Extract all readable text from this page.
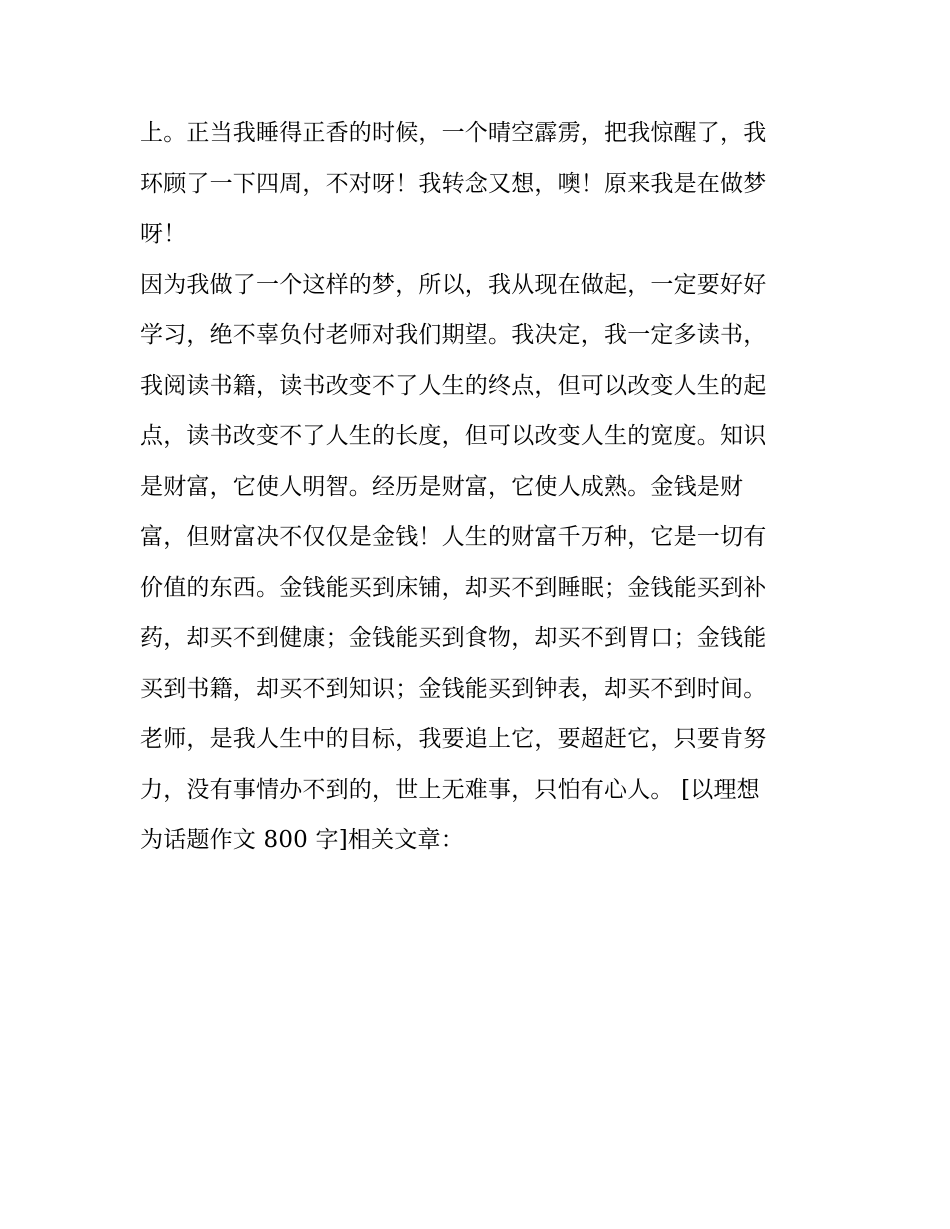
上。正当我睡得正香的时候，一个晴空霹雳，把我惊醒了，我
环顾了一下四周，不对呀！我转念又想，噢！原来我是在做梦
呀！
因为我做了一个这样的梦，所以，我从现在做起，一定要好好
学习，绝不辜负付老师对我们期望。我决定，我一定多读书，
我阅读书籍，读书改变不了人生的终点，但可以改变人生的起
点，读书改变不了人生的长度，但可以改变人生的宽度。知识
是财富，它使人明智。经历是财富，它使人成熟。金钱是财
富，但财富决不仅仅是金钱！人生的财富千万种，它是一切有
价值的东西。金钱能买到床铺，却买不到睡眠；金钱能买到补
药，却买不到健康；金钱能买到食物，却买不到胃口；金钱能
买到书籍，却买不到知识；金钱能买到钟表，却买不到时间。
老师，是我人生中的目标，我要追上它，要超赶它，只要肯努
力，没有事情办不到的，世上无难事，只怕有心人。 [以理想
为话题作文 800 字]相关文章：
